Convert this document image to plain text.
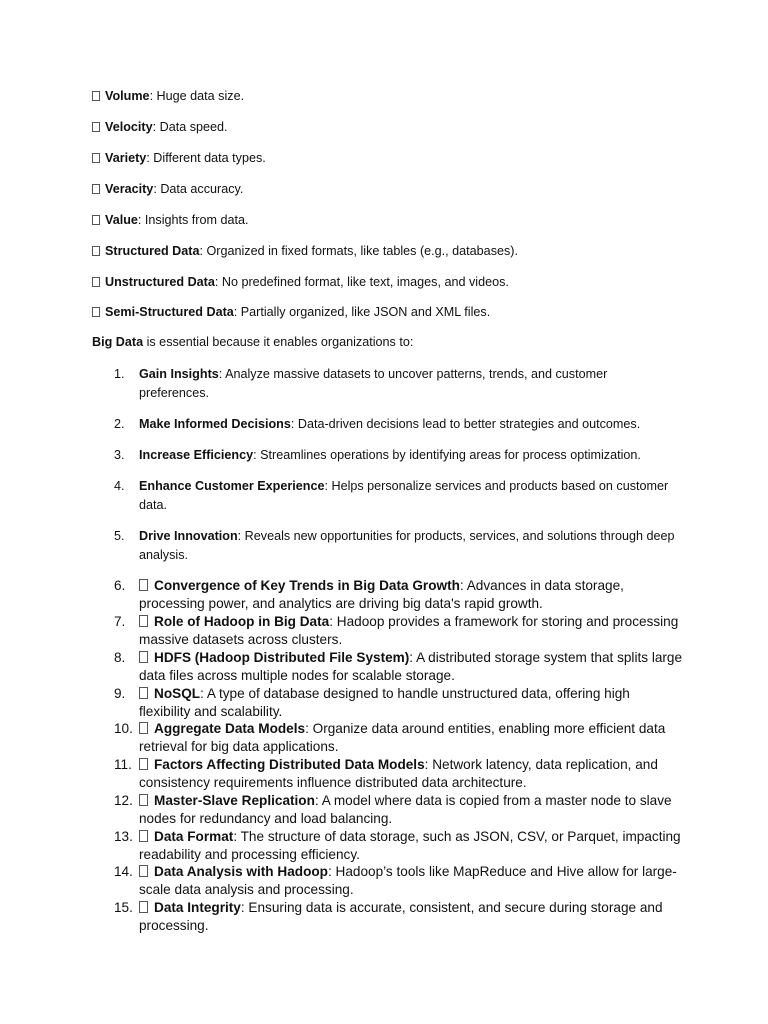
Volume: Huge data size.
Velocity: Data speed.
Variety: Different data types.
Veracity: Data accuracy.
Value: Insights from data.
Structured Data: Organized in fixed formats, like tables (e.g., databases).
Unstructured Data: No predefined format, like text, images, and videos.
Semi-Structured Data: Partially organized, like JSON and XML files.
Big Data is essential because it enables organizations to:
1.	Gain Insights: Analyze massive datasets to uncover patterns, trends, and customer preferences.
2.	Make Informed Decisions: Data-driven decisions lead to better strategies and outcomes.
3.	Increase Efficiency: Streamlines operations by identifying areas for process optimization.
4.	Enhance Customer Experience: Helps personalize services and products based on customer data.
5.	Drive Innovation: Reveals new opportunities for products, services, and solutions through deep analysis.
6.	Convergence of Key Trends in Big Data Growth: Advances in data storage, processing power, and analytics are driving big data's rapid growth.
7.	Role of Hadoop in Big Data: Hadoop provides a framework for storing and processing massive datasets across clusters.
8.	HDFS (Hadoop Distributed File System): A distributed storage system that splits large data files across multiple nodes for scalable storage.
9.	NoSQL: A type of database designed to handle unstructured data, offering high flexibility and scalability.
10.	Aggregate Data Models: Organize data around entities, enabling more efficient data retrieval for big data applications.
11.	Factors Affecting Distributed Data Models: Network latency, data replication, and consistency requirements influence distributed data architecture.
12.	Master-Slave Replication: A model where data is copied from a master node to slave nodes for redundancy and load balancing.
13.	Data Format: The structure of data storage, such as JSON, CSV, or Parquet, impacting readability and processing efficiency.
14.	Data Analysis with Hadoop: Hadoop’s tools like MapReduce and Hive allow for large-scale data analysis and processing.
15.	Data Integrity: Ensuring data is accurate, consistent, and secure during storage and processing.
